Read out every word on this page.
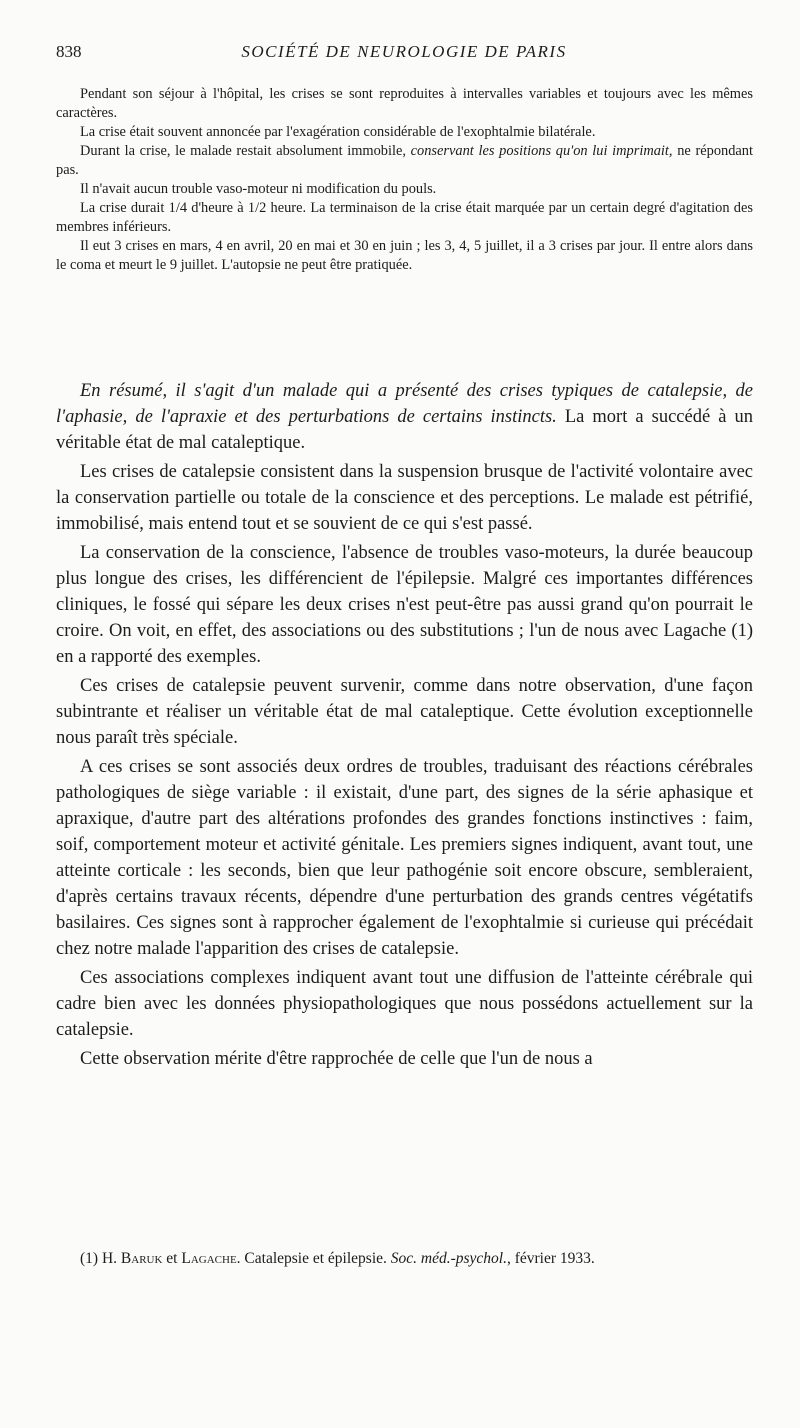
838	SOCIÉTÉ DE NEUROLOGIE DE PARIS

Pendant son séjour à l'hôpital, les crises se sont reproduites à intervalles variables et toujours avec les mêmes caractères.

La crise était souvent annoncée par l'exagération considérable de l'exophtalmie bilatérale.

Durant la crise, le malade restait absolument immobile, conservant les positions qu'on lui imprimait, ne répondant pas.

Il n'avait aucun trouble vaso-moteur ni modification du pouls.

La crise durait 1/4 d'heure à 1/2 heure. La terminaison de la crise était marquée par un certain degré d'agitation des membres inférieurs.

Il eut 3 crises en mars, 4 en avril, 20 en mai et 30 en juin ; les 3, 4, 5 juillet, il a 3 crises par jour. Il entre alors dans le coma et meurt le 9 juillet. L'autopsie ne peut être pratiquée.

En résumé, il s'agit d'un malade qui a présenté des crises typiques de catalepsie, de l'aphasie, de l'apraxie et des perturbations de certains instincts. La mort a succédé à un véritable état de mal cataleptique.

Les crises de catalepsie consistent dans la suspension brusque de l'activité volontaire avec la conservation partielle ou totale de la conscience et des perceptions. Le malade est pétrifié, immobilisé, mais entend tout et se souvient de ce qui s'est passé.

La conservation de la conscience, l'absence de troubles vaso-moteurs, la durée beaucoup plus longue des crises, les différencient de l'épilepsie. Malgré ces importantes différences cliniques, le fossé qui sépare les deux crises n'est peut-être pas aussi grand qu'on pourrait le croire. On voit, en effet, des associations ou des substitutions ; l'un de nous avec Lagache (1) en a rapporté des exemples.

Ces crises de catalepsie peuvent survenir, comme dans notre observation, d'une façon subintrante et réaliser un véritable état de mal cataleptique. Cette évolution exceptionnelle nous paraît très spéciale.

A ces crises se sont associés deux ordres de troubles, traduisant des réactions cérébrales pathologiques de siège variable : il existait, d'une part, des signes de la série aphasique et apraxique, d'autre part des altérations profondes des grandes fonctions instinctives : faim, soif, comportement moteur et activité génitale. Les premiers signes indiquent, avant tout, une atteinte corticale : les seconds, bien que leur pathogénie soit encore obscure, sembleraient, d'après certains travaux récents, dépendre d'une perturbation des grands centres végétatifs basilaires. Ces signes sont à rapprocher également de l'exophtalmie si curieuse qui précédait chez notre malade l'apparition des crises de catalepsie.

Ces associations complexes indiquent avant tout une diffusion de l'atteinte cérébrale qui cadre bien avec les données physiopathologiques que nous possédons actuellement sur la catalepsie.

Cette observation mérite d'être rapprochée de celle que l'un de nous a

(1) H. Baruk et Lagache. Catalepsie et épilepsie. Soc. méd.-psychol., février 1933.
